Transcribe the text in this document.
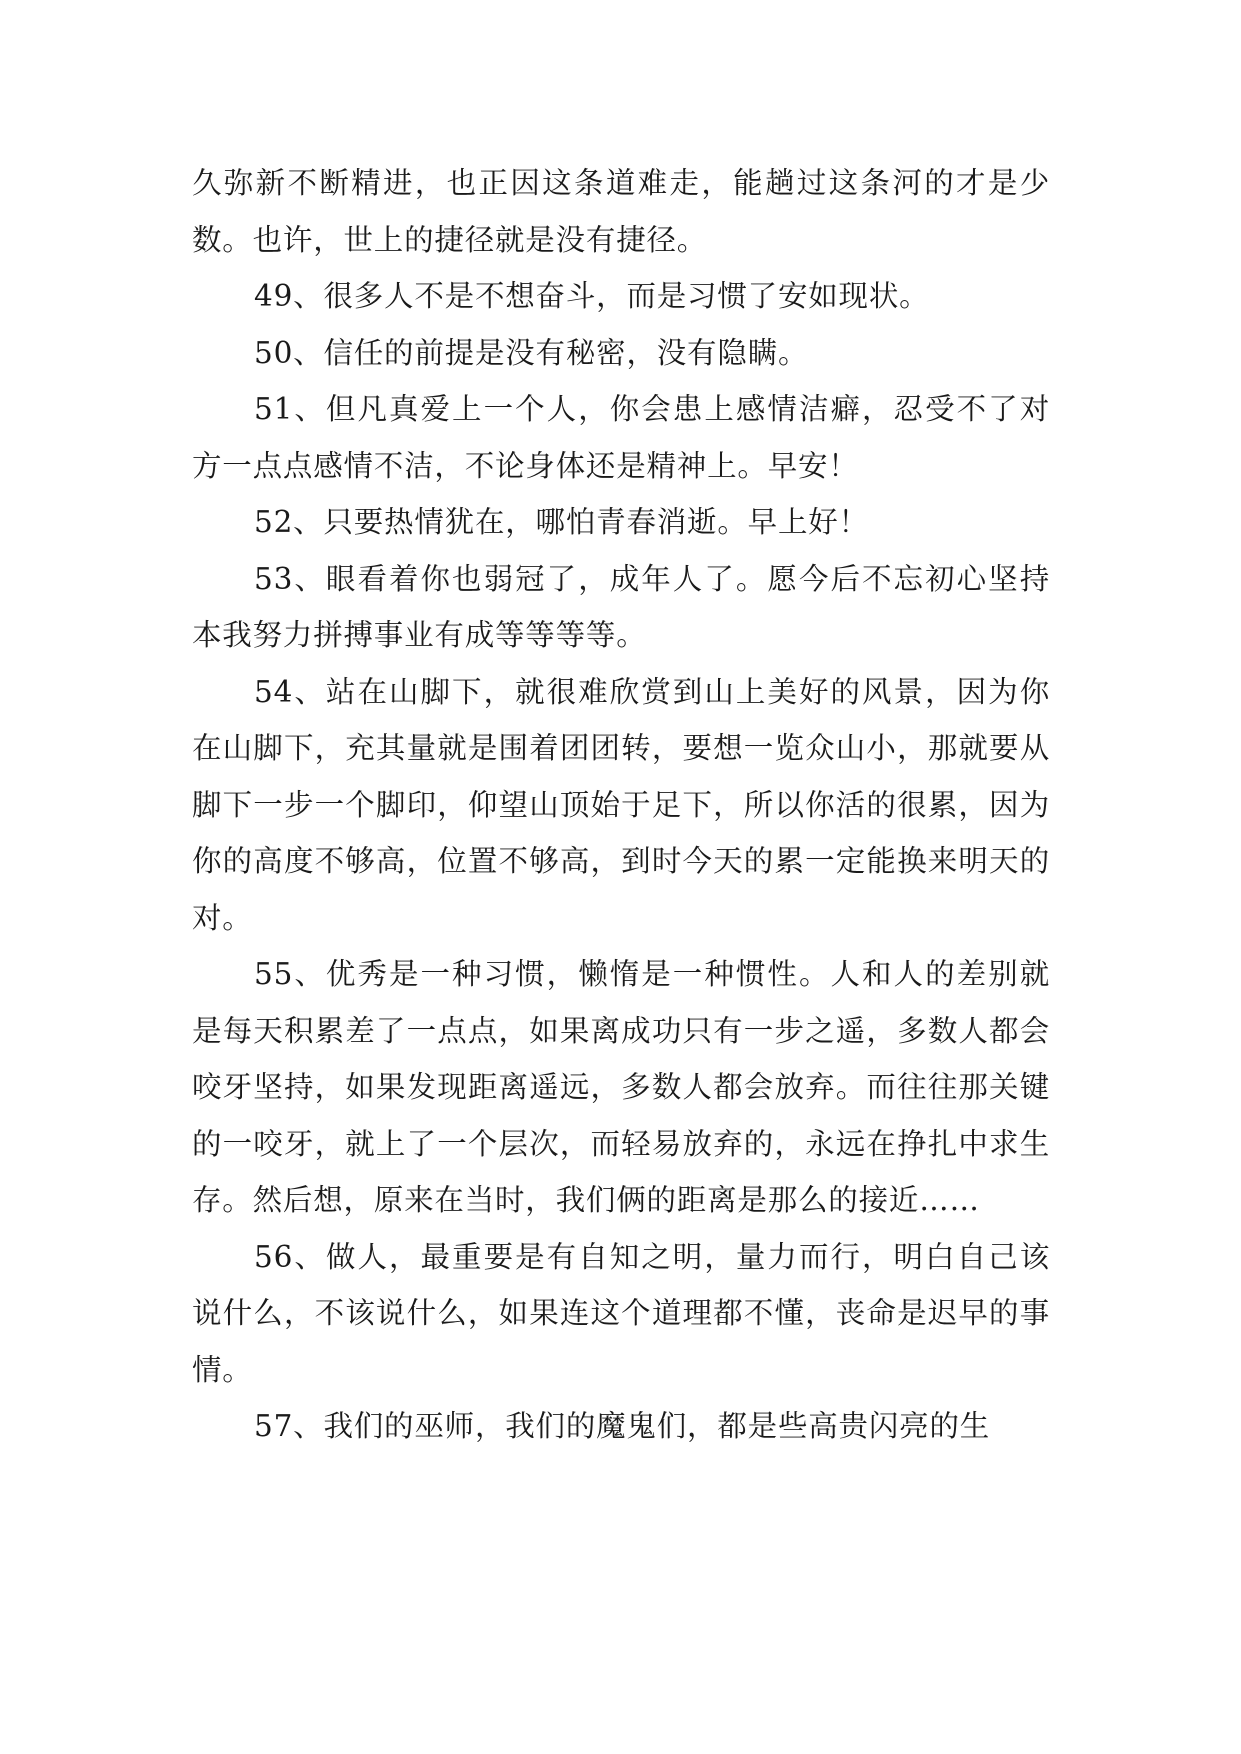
久弥新不断精进，也正因这条道难走，能趟过这条河的才是少数。也许，世上的捷径就是没有捷径。

49、很多人不是不想奋斗，而是习惯了安如现状。

50、信任的前提是没有秘密，没有隐瞒。

51、但凡真爱上一个人，你会患上感情洁癖，忍受不了对方一点点感情不洁，不论身体还是精神上。早安！

52、只要热情犹在，哪怕青春消逝。早上好！

53、眼看着你也弱冠了，成年人了。愿今后不忘初心坚持本我努力拼搏事业有成等等等等。

54、站在山脚下，就很难欣赏到山上美好的风景，因为你在山脚下，充其量就是围着团团转，要想一览众山小，那就要从脚下一步一个脚印，仰望山顶始于足下，所以你活的很累，因为你的高度不够高，位置不够高，到时今天的累一定能换来明天的对。

55、优秀是一种习惯，懒惰是一种惯性。人和人的差别就是每天积累差了一点点，如果离成功只有一步之遥，多数人都会咬牙坚持，如果发现距离遥远，多数人都会放弃。而往往那关键的一咬牙，就上了一个层次，而轻易放弃的，永远在挣扎中求生存。然后想，原来在当时，我们俩的距离是那么的接近……

56、做人，最重要是有自知之明，量力而行，明白自己该说什么，不该说什么，如果连这个道理都不懂，丧命是迟早的事情。

57、我们的巫师，我们的魔鬼们，都是些高贵闪亮的生
